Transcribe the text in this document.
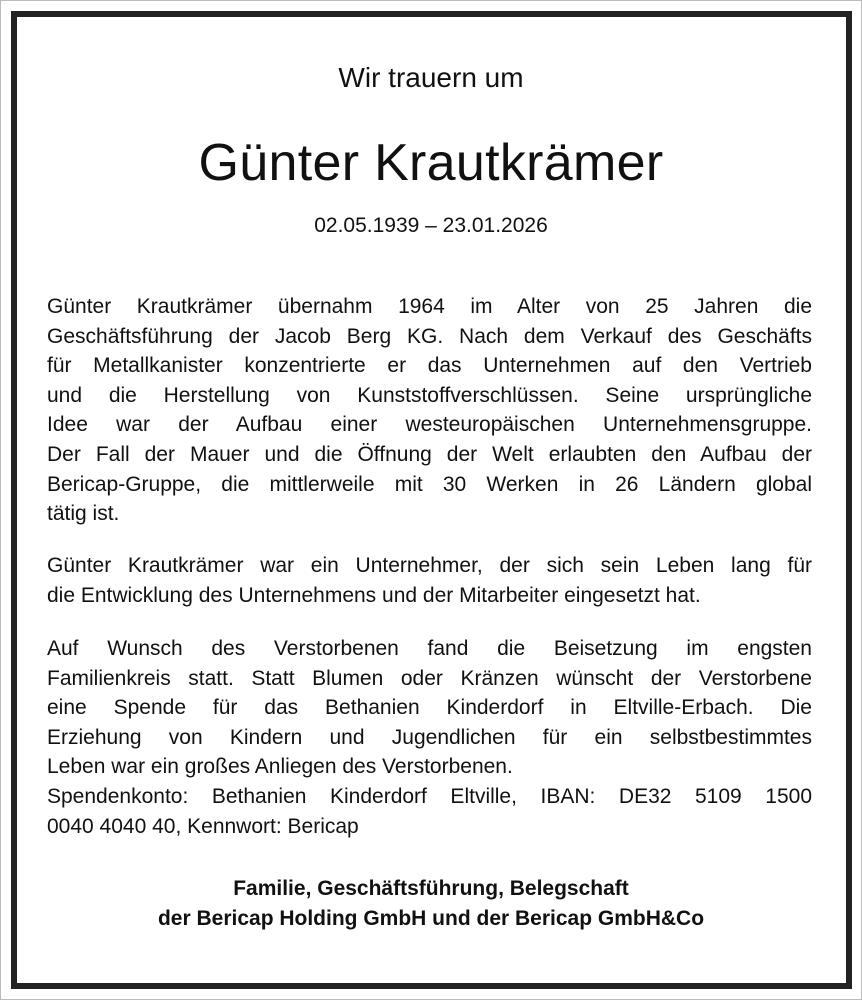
Wir trauern um
Günter Krautkrämer
02.05.1939 – 23.01.2026
Günter Krautkrämer übernahm 1964 im Alter von 25 Jahren die
Geschäftsführung der Jacob Berg KG. Nach dem Verkauf des Geschäfts
für Metallkanister konzentrierte er das Unternehmen auf den Vertrieb
und die Herstellung von Kunststoffverschlüssen. Seine ursprüngliche
Idee war der Aufbau einer westeuropäischen Unternehmensgruppe.
Der Fall der Mauer und die Öffnung der Welt erlaubten den Aufbau der
Bericap-Gruppe, die mittlerweile mit 30 Werken in 26 Ländern global
tätig ist.
Günter Krautkrämer war ein Unternehmer, der sich sein Leben lang für
die Entwicklung des Unternehmens und der Mitarbeiter eingesetzt hat.
Auf Wunsch des Verstorbenen fand die Beisetzung im engsten
Familienkreis statt. Statt Blumen oder Kränzen wünscht der Verstorbene
eine Spende für das Bethanien Kinderdorf in Eltville-Erbach. Die
Erziehung von Kindern und Jugendlichen für ein selbstbestimmtes
Leben war ein großes Anliegen des Verstorbenen.
Spendenkonto: Bethanien Kinderdorf Eltville, IBAN: DE32 5109 1500
0040 4040 40, Kennwort: Bericap
Familie, Geschäftsführung, Belegschaft
der Bericap Holding GmbH und der Bericap GmbH&Co
